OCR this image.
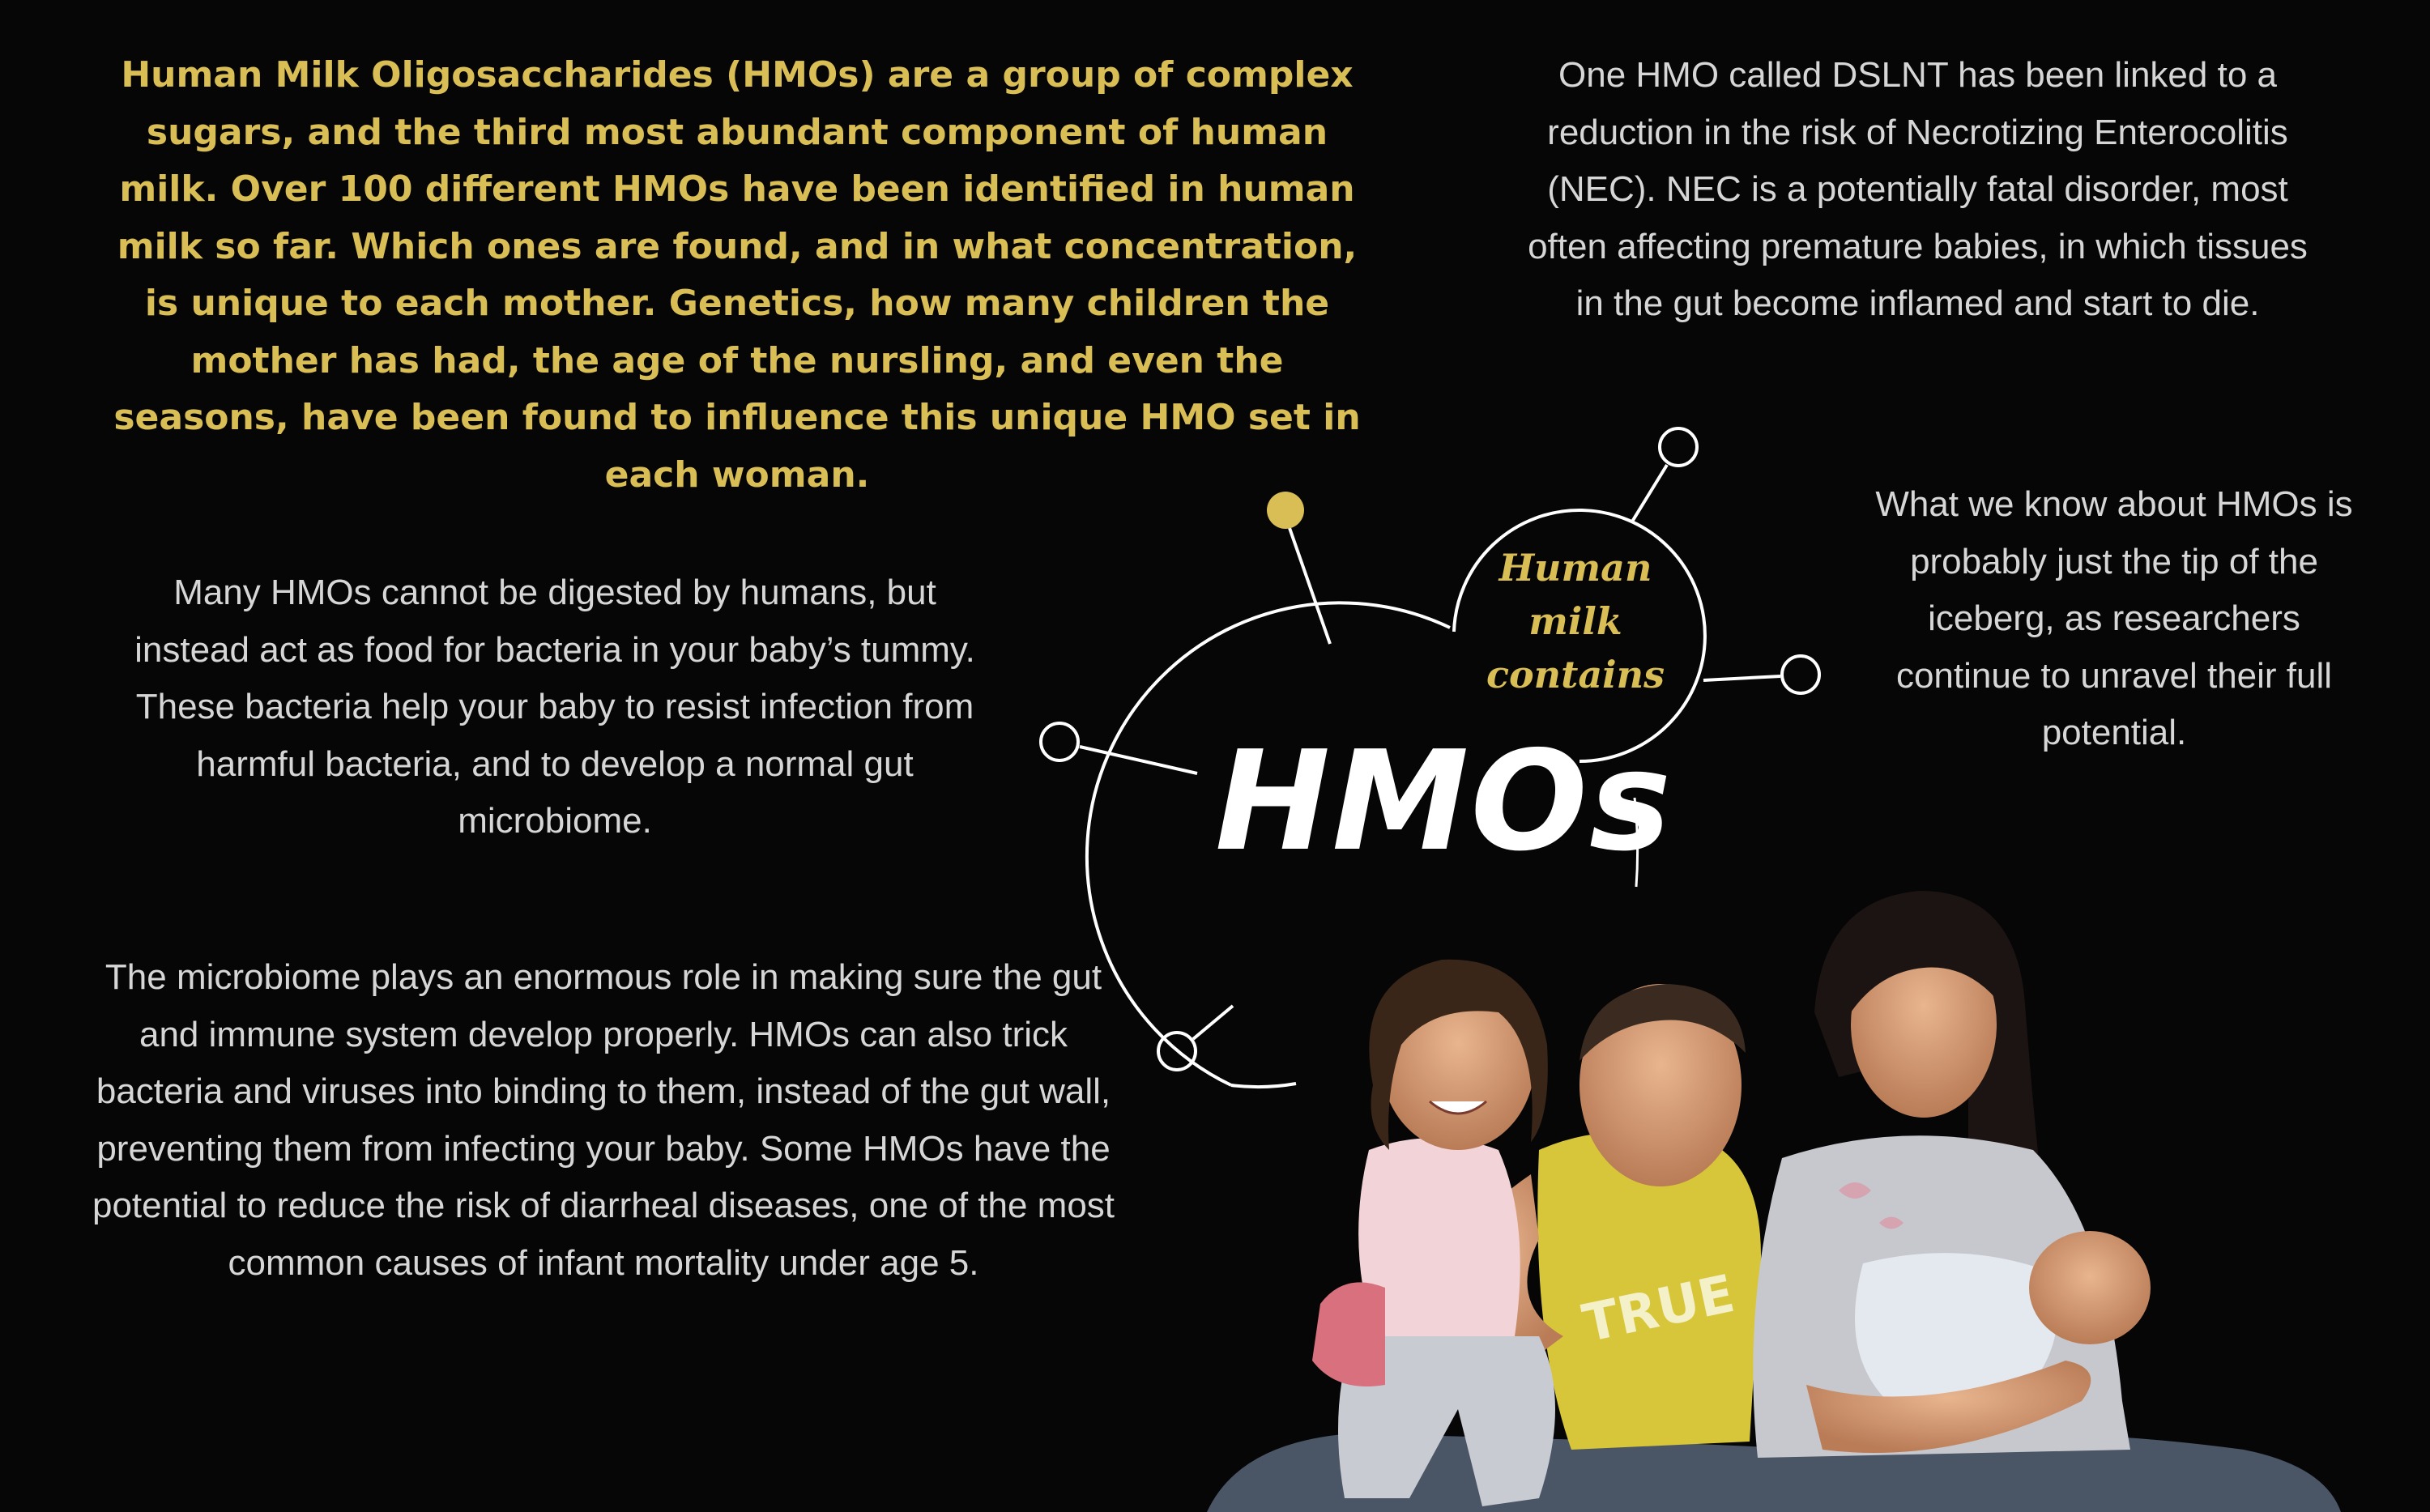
Human Milk Oligosaccharides (HMOs) are a group of complex sugars, and the third most abundant component of human milk. Over 100 different HMOs have been identified in human milk so far. Which ones are found, and in what concentration, is unique to each mother. Genetics, how many children the mother has had, the age of the nursling, and even the seasons, have been found to influence this unique HMO set in each woman.

One HMO called DSLNT has been linked to a reduction in the risk of Necrotizing Enterocolitis (NEC). NEC is a potentially fatal disorder, most often affecting premature babies, in which tissues in the gut become inflamed and start to die.

What we know about HMOs is probably just the tip of the iceberg, as researchers continue to unravel their full potential.

Many HMOs cannot be digested by humans, but instead act as food for bacteria in your baby’s tummy. These bacteria help your baby to resist infection from harmful bacteria, and to develop a normal gut microbiome.

The microbiome plays an enormous role in making sure the gut and immune system develop properly. HMOs can also trick bacteria and viruses into binding to them, instead of the gut wall, preventing them from infecting your baby. Some HMOs have the potential to reduce the risk of diarrheal diseases, one of the most common causes of infant mortality under age 5.

HMOs

Human
milk
contains
TRUE
